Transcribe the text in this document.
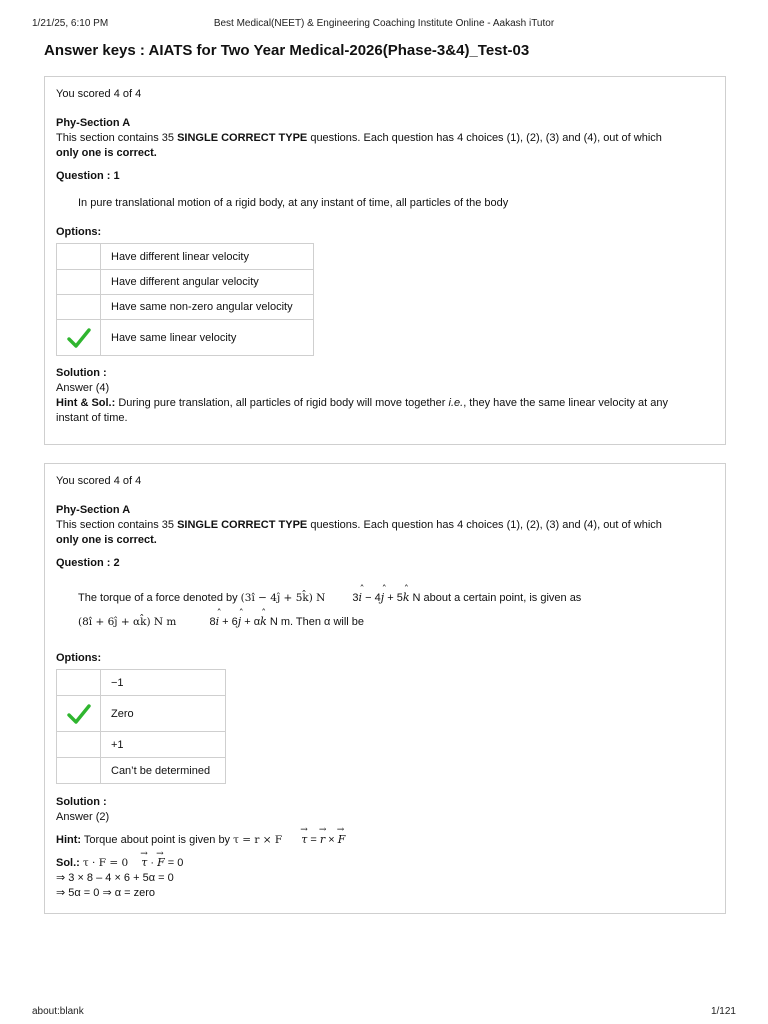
1/21/25, 6:10 PM	Best Medical(NEET) & Engineering Coaching Institute Online - Aakash iTutor
Answer keys : AIATS for Two Year Medical-2026(Phase-3&4)_Test-03
You scored 4 of 4
Phy-Section A
This section contains 35 SINGLE CORRECT TYPE questions. Each question has 4 choices (1), (2), (3) and (4), out of which
only one is correct.
Question : 1
In pure translational motion of a rigid body, at any instant of time, all particles of the body
Options:
	Have different linear velocity
	Have different angular velocity
	Have same non-zero angular velocity
	Have same linear velocity
Solution :
Answer (4)
Hint & Sol.: During pure translation, all particles of rigid body will move together i.e., they have the same linear velocity at any
instant of time.
You scored 4 of 4
Phy-Section A
This section contains 35 SINGLE CORRECT TYPE questions. Each question has 4 choices (1), (2), (3) and (4), out of which
only one is correct.
Question : 2
The torque of a force denoted by (3î − 4ĵ + 5k̂) N 3i ˆ − 4j ˆ + 5k ˆ N about a certain point, is given as
(8î + 6ĵ + αk̂) N m	8i ˆ + 6j ˆ + αk ˆ N m. Then α will be
Options:
	−1
	Zero
	+1
	Can’t be determined
Solution :
Answer (2)
Hint: Torque about point is given by τ = r × F → τ = → r × → F
Sol.: τ · F = 0 → τ · → F = 0
⇒ 3 × 8 – 4 × 6 + 5α = 0
⇒ 5α = 0 ⇒ α = zero
about:blank	1/121
